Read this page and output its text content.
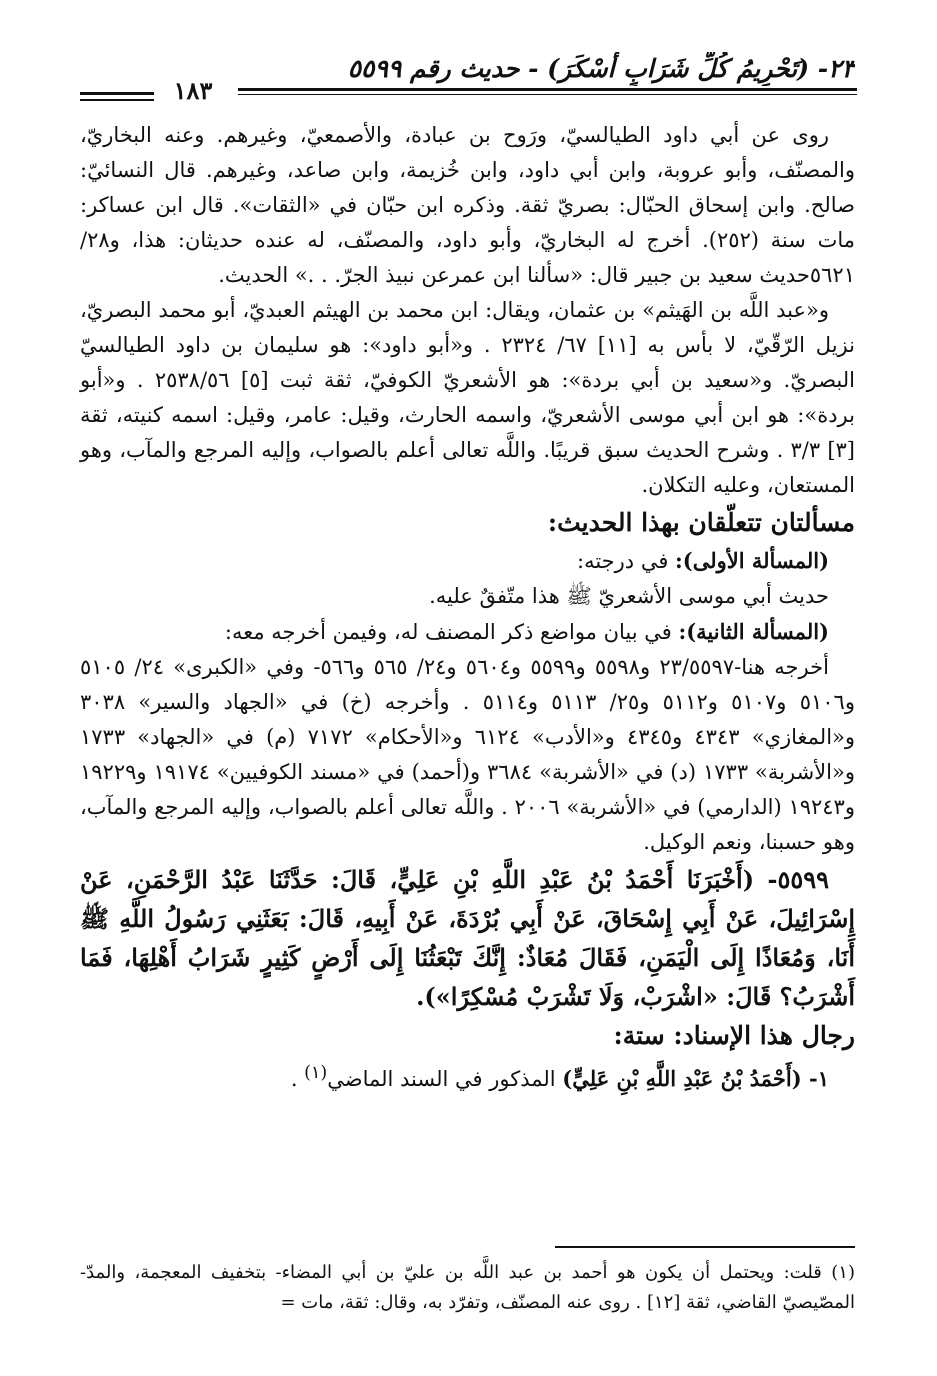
٢٣- (تَحْرِيمُ كُلِّ شَرَابٍ أَسْكَرَ) - حديث رقم ٥٥٩٩
١٨٣

روى عن أبي داود الطيالسيّ، ورَوح بن عبادة، والأصمعيّ، وغيرهم. وعنه البخاريّ، والمصنّف، وأبو عروبة، وابن أبي داود، وابن خُزيمة، وابن صاعد، وغيرهم. قال النسائيّ: صالح. وابن إسحاق الحبّال: بصريّ ثقة. وذكره ابن حبّان في «الثقات». قال ابن عساكر: مات سنة (٢٥٢). أخرج له البخاريّ، وأبو داود، والمصنّف، له عنده حديثان: هذا، و٢٨/ ٥٦٢١حديث سعيد بن جبير قال: «سألنا ابن عمرعن نبيذ الجرّ. . .» الحديث.

و«عبد اللَّه بن الهَيثم» بن عثمان، ويقال: ابن محمد بن الهيثم العبديّ، أبو محمد البصريّ، نزيل الرّقّيّ، لا بأس به [١١] ٦٧/ ٢٣٢٤ . و«أبو داود»: هو سليمان بن داود الطيالسيّ البصريّ. و«سعيد بن أبي بردة»: هو الأشعريّ الكوفيّ، ثقة ثبت [٥] ٢٥٣٨/٥٦ . و«أبو بردة»: هو ابن أبي موسى الأشعريّ، واسمه الحارث، وقيل: عامر، وقيل: اسمه كنيته، ثقة [٣] ٣/٣ . وشرح الحديث سبق قريبًا. واللَّه تعالى أعلم بالصواب، وإليه المرجع والمآب، وهو المستعان، وعليه التكلان.

مسألتان تتعلّقان بهذا الحديث:

(المسألة الأولى): في درجته:

حديث أبي موسى الأشعريّ ﷺ هذا متّفقٌ عليه.

(المسألة الثانية): في بيان مواضع ذكر المصنف له، وفيمن أخرجه معه:

أخرجه هنا-٢٣/٥٥٩٧ و٥٥٩٨ و٥٥٩٩ و٥٦٠٤ و٢٤/ ٥٦٥ و٥٦٦- وفي «الكبرى» ٢٤/ ٥١٠٥ و٥١٠٦ و٥١٠٧ و٥١١٢ و٢٥/ ٥١١٣ و٥١١٤ . وأخرجه (خ) في «الجهاد والسير» ٣٠٣٨ و«المغازي» ٤٣٤٣ و٤٣٤٥ و«الأدب» ٦١٢٤ و«الأحكام» ٧١٧٢ (م) في «الجهاد» ١٧٣٣ و«الأشربة» ١٧٣٣ (د) في «الأشربة» ٣٦٨٤ و(أحمد) في «مسند الكوفيين» ١٩١٧٤ و١٩٢٢٩ و١٩٢٤٣ (الدارمي) في «الأشربة» ٢٠٠٦ . واللَّه تعالى أعلم بالصواب، وإليه المرجع والمآب، وهو حسبنا، ونعم الوكيل.

٥٥٩٩- (أَخْبَرَنَا أَحْمَدُ بْنُ عَبْدِ اللَّهِ بْنِ عَلِيٍّ، قَالَ: حَدَّثَنَا عَبْدُ الرَّحْمَنِ، عَنْ إِسْرَائِيلَ، عَنْ أَبِي إِسْحَاقَ، عَنْ أَبِي بُرْدَةَ، عَنْ أَبِيهِ، قَالَ: بَعَثَنِي رَسُولُ اللَّهِ ﷺ أَنَا، وَمُعَاذًا إِلَى الْيَمَنِ، فَقَالَ مُعَاذٌ: إِنَّكَ تَبْعَثُنَا إِلَى أَرْضٍ كَثِيرٍ شَرَابُ أَهْلِهَا، فَمَا أَشْرَبُ؟ قَالَ: «اشْرَبْ، وَلَا تَشْرَبْ مُسْكِرًا»).

رجال هذا الإسناد: ستة:

١- (أَحْمَدُ بْنُ عَبْدِ اللَّهِ بْنِ عَلِيٍّ) المذكور في السند الماضي$^{(١)}$ .

(١) قلت: ويحتمل أن يكون هو أحمد بن عبد اللَّه بن عليّ بن أبي المضاء- بتخفيف المعجمة، والمدّ- المصّيصيّ القاضي، ثقة [١٢] . روى عنه المصنّف، وتفرّد به، وقال: ثقة، مات =
